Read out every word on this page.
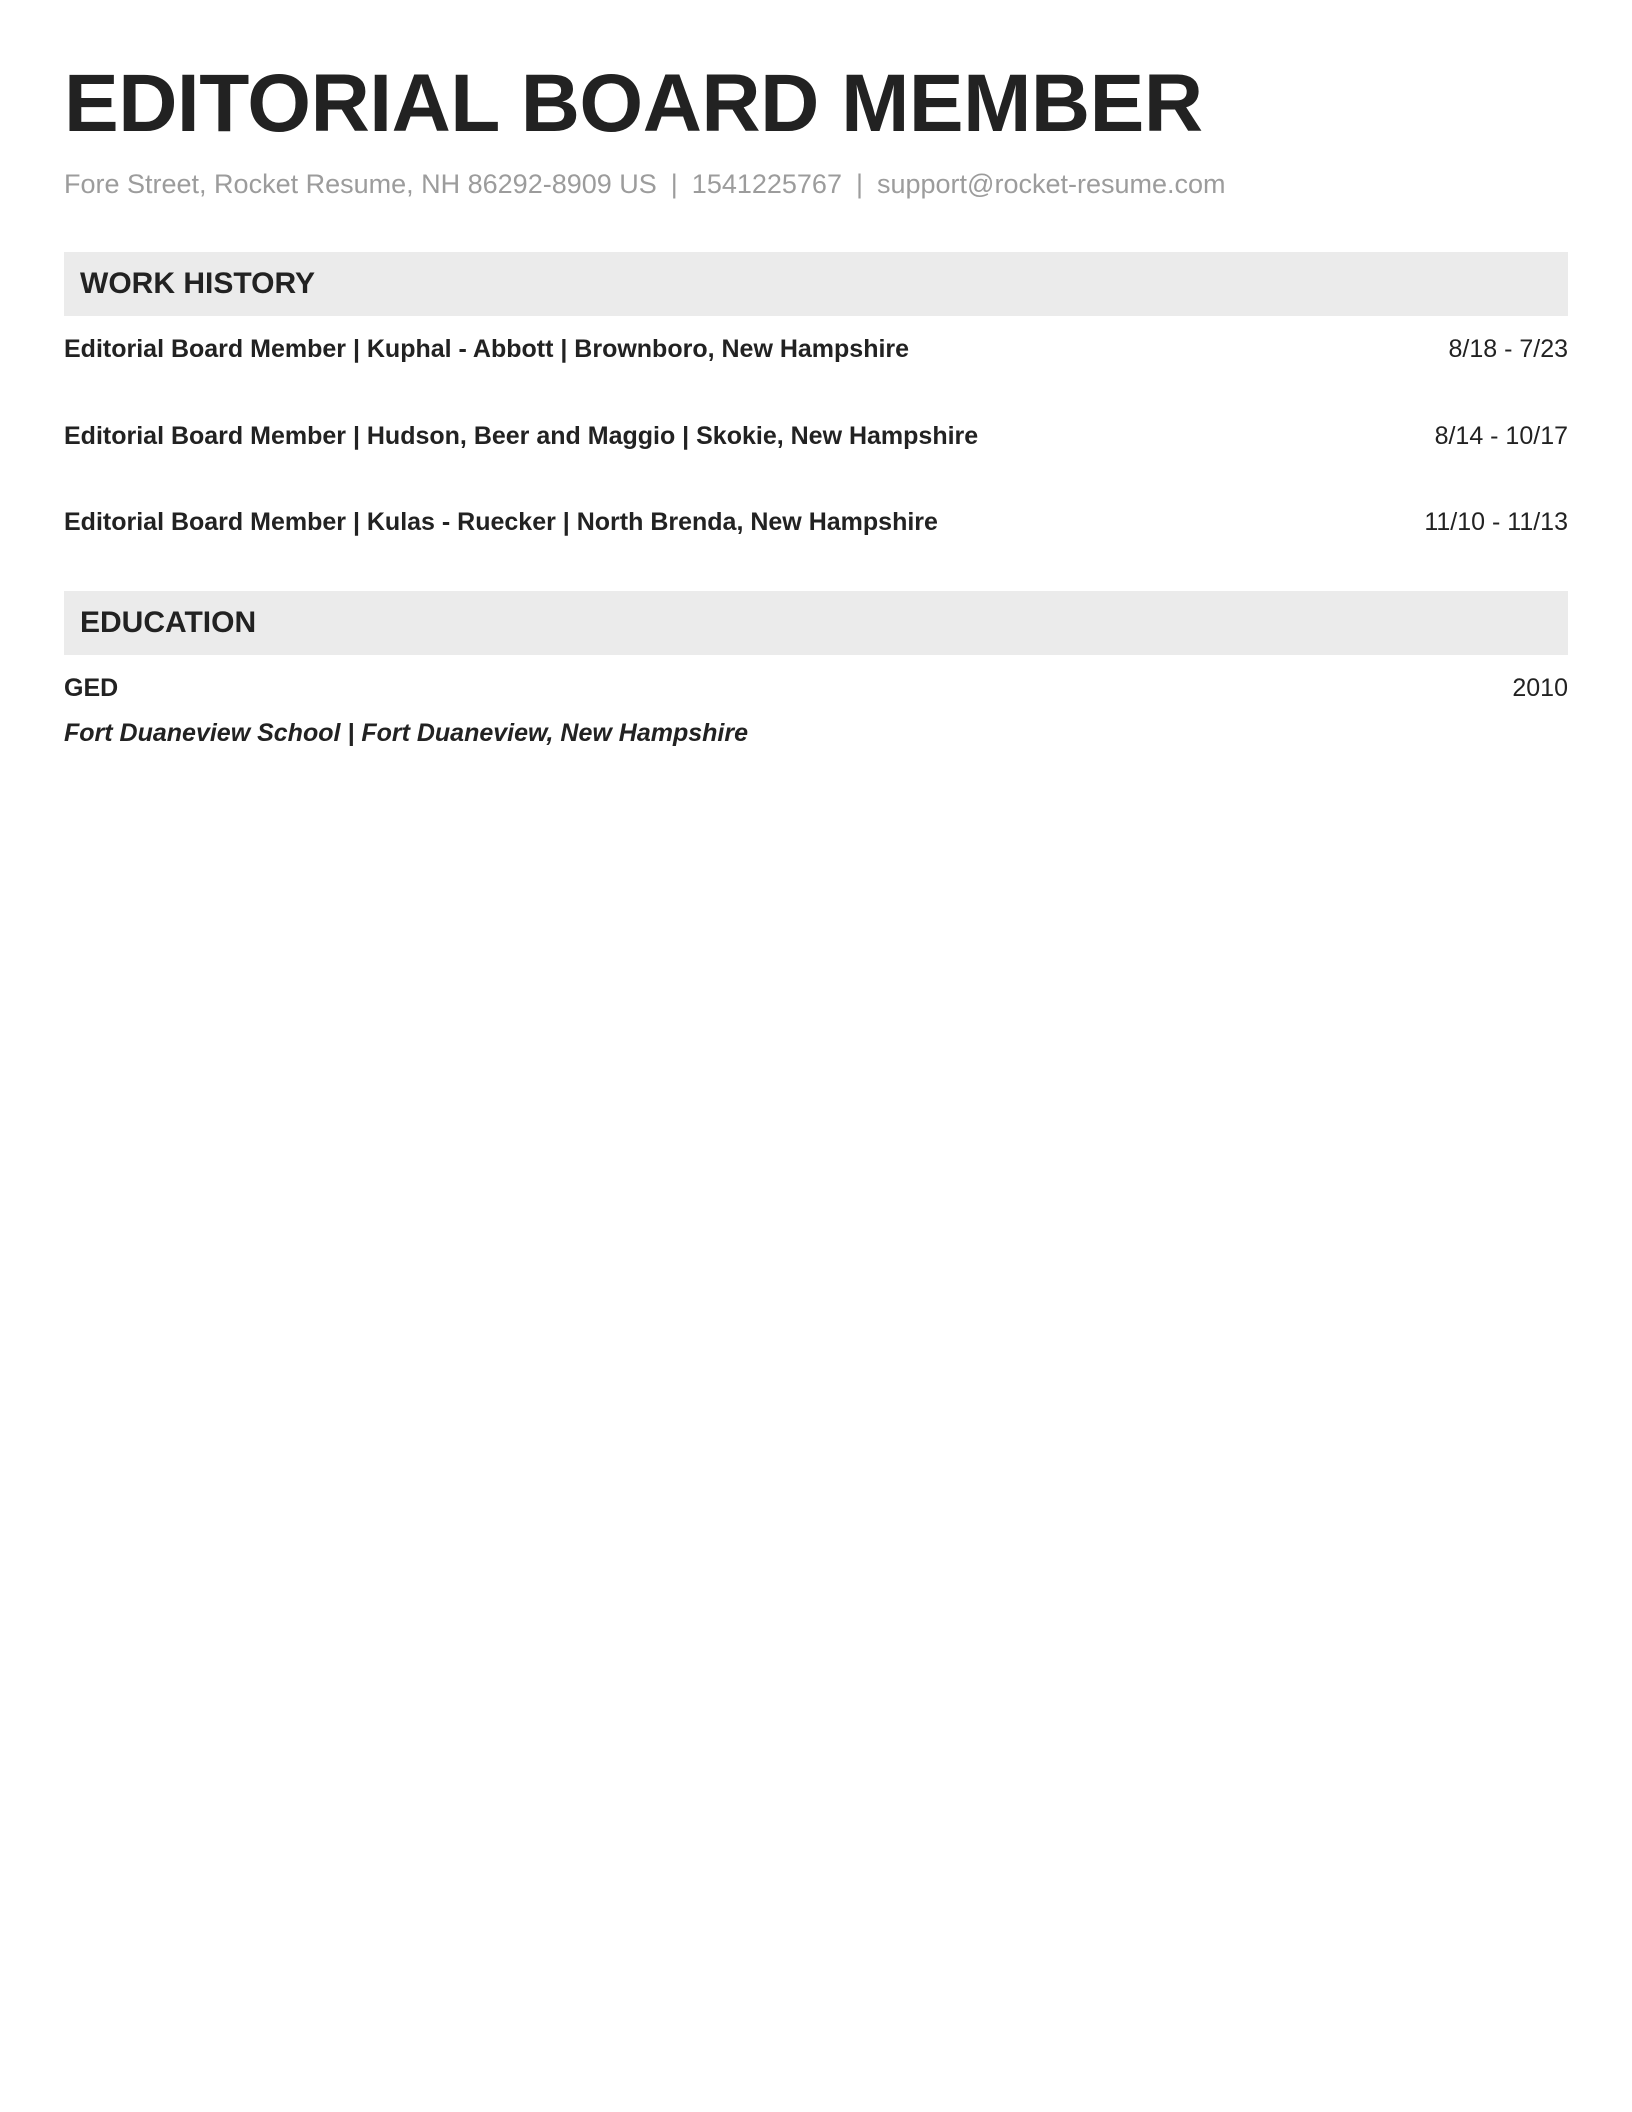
EDITORIAL BOARD MEMBER
Fore Street, Rocket Resume, NH 86292-8909 US | 1541225767 | support@rocket-resume.com
WORK HISTORY
Editorial Board Member | Kuphal - Abbott | Brownboro, New Hampshire	8/18 - 7/23
Editorial Board Member | Hudson, Beer and Maggio | Skokie, New Hampshire	8/14 - 10/17
Editorial Board Member | Kulas - Ruecker | North Brenda, New Hampshire	11/10 - 11/13
EDUCATION
GED	2010
Fort Duaneview School | Fort Duaneview, New Hampshire
